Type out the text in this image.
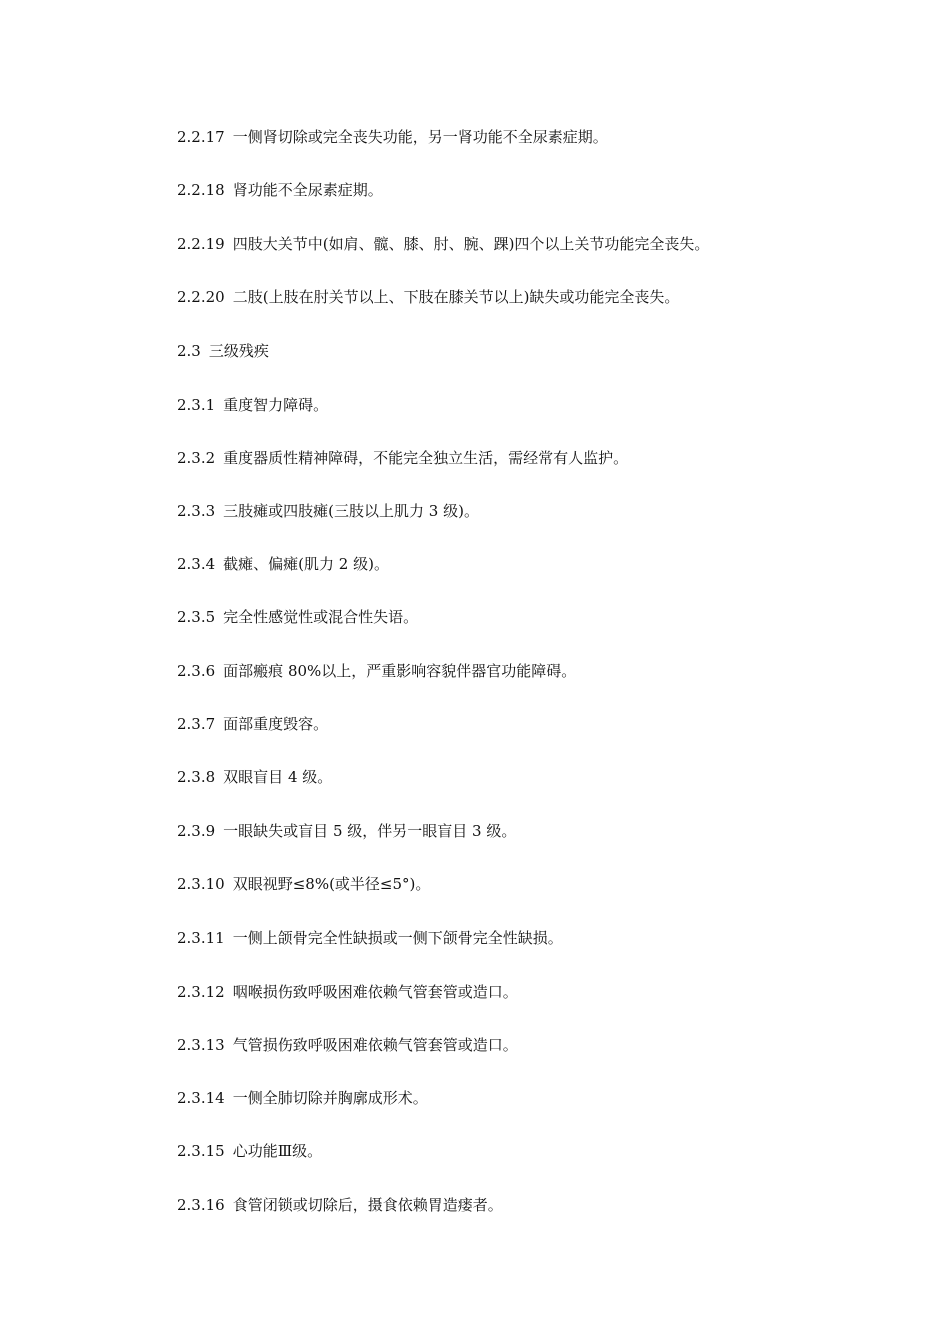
2.2.17 一侧肾切除或完全丧失功能，另一肾功能不全尿素症期。
2.2.18 肾功能不全尿素症期。
2.2.19 四肢大关节中(如肩、髋、膝、肘、腕、踝)四个以上关节功能完全丧失。
2.2.20 二肢(上肢在肘关节以上、下肢在膝关节以上)缺失或功能完全丧失。
2.3 三级残疾
2.3.1 重度智力障碍。
2.3.2 重度器质性精神障碍，不能完全独立生活，需经常有人监护。
2.3.3 三肢瘫或四肢瘫(三肢以上肌力 3 级)。
2.3.4 截瘫、偏瘫(肌力 2 级)。
2.3.5 完全性感觉性或混合性失语。
2.3.6 面部瘢痕 80%以上，严重影响容貌伴器官功能障碍。
2.3.7 面部重度毁容。
2.3.8 双眼盲目 4 级。
2.3.9 一眼缺失或盲目 5 级，伴另一眼盲目 3 级。
2.3.10 双眼视野≤8%(或半径≤5°)。
2.3.11 一侧上颌骨完全性缺损或一侧下颌骨完全性缺损。
2.3.12 咽喉损伤致呼吸困难依赖气管套管或造口。
2.3.13 气管损伤致呼吸困难依赖气管套管或造口。
2.3.14 一侧全肺切除并胸廓成形术。
2.3.15 心功能Ⅲ级。
2.3.16 食管闭锁或切除后，摄食依赖胃造瘘者。
